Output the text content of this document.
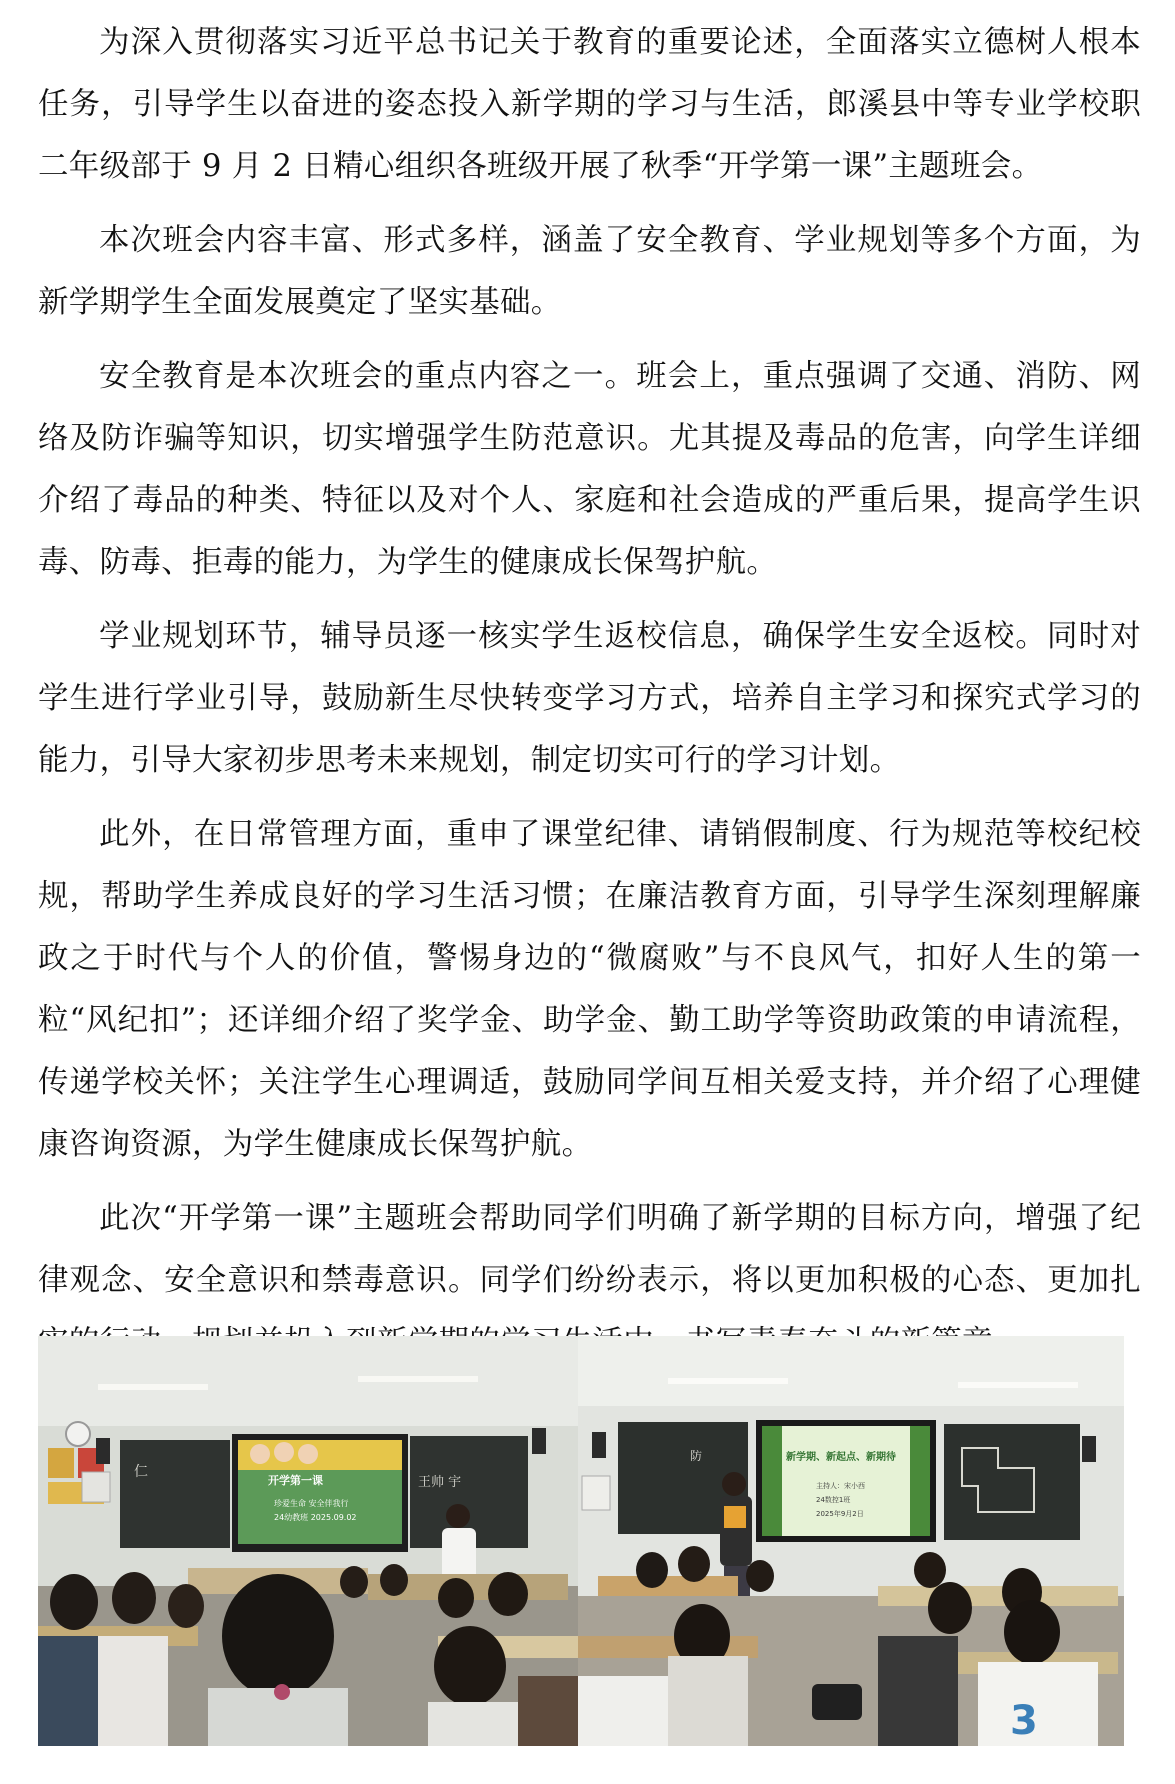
为深入贯彻落实习近平总书记关于教育的重要论述，全面落实立德树人根本任务，引导学生以奋进的姿态投入新学期的学习与生活，郎溪县中等专业学校职二年级部于 9 月 2 日精心组织各班级开展了秋季“开学第一课”主题班会。

本次班会内容丰富、形式多样，涵盖了安全教育、学业规划等多个方面，为新学期学生全面发展奠定了坚实基础。

安全教育是本次班会的重点内容之一。班会上，重点强调了交通、消防、网络及防诈骗等知识，切实增强学生防范意识。尤其提及毒品的危害，向学生详细介绍了毒品的种类、特征以及对个人、家庭和社会造成的严重后果，提高学生识毒、防毒、拒毒的能力，为学生的健康成长保驾护航。

学业规划环节，辅导员逐一核实学生返校信息，确保学生安全返校。同时对学生进行学业引导，鼓励新生尽快转变学习方式，培养自主学习和探究式学习的能力，引导大家初步思考未来规划，制定切实可行的学习计划。

此外，在日常管理方面，重申了课堂纪律、请销假制度、行为规范等校纪校规，帮助学生养成良好的学习生活习惯；在廉洁教育方面，引导学生深刻理解廉政之于时代与个人的价值，警惕身边的“微腐败”与不良风气，扣好人生的第一粒“风纪扣”；还详细介绍了奖学金、助学金、勤工助学等资助政策的申请流程，传递学校关怀；关注学生心理调适，鼓励同学间互相关爱支持，并介绍了心理健康咨询资源，为学生健康成长保驾护航。

此次“开学第一课”主题班会帮助同学们明确了新学期的目标方向，增强了纪律观念、安全意识和禁毒意识。同学们纷纷表示，将以更加积极的心态、更加扎

仁
开学第一课
珍爱生命 安全伴我行
24幼教班 2025.09.02
王帅 宇
防	新学期、新起点、新期待
主持人：宋小西
24数控1班
2025年9月2日
3
